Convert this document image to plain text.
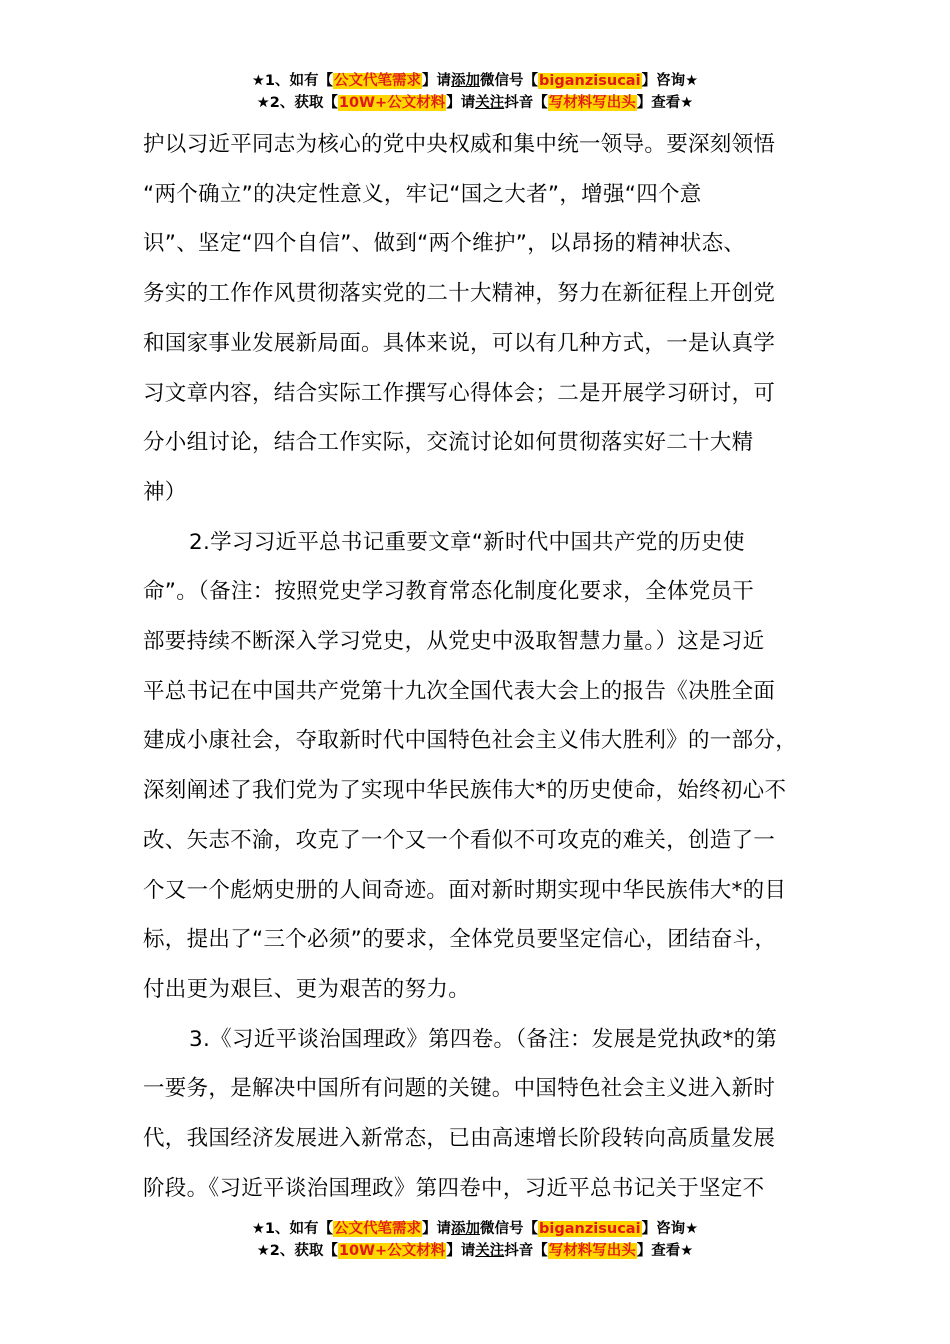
★1、如有【公文代笔需求】请添加微信号【biganzisucai】咨询★
★2、获取【10W+公文材料】请关注抖音【写材料写出头】查看★
护以习近平同志为核心的党中央权威和集中统一领导。要深刻领悟
“两个确立”的决定性意义，牢记“国之大者”，增强“四个意
识”、坚定“四个自信”、做到“两个维护”，以昂扬的精神状态、
务实的工作作风贯彻落实党的二十大精神，努力在新征程上开创党
和国家事业发展新局面。具体来说，可以有几种方式，一是认真学
习文章内容，结合实际工作撰写心得体会；二是开展学习研讨，可
分小组讨论，结合工作实际，交流讨论如何贯彻落实好二十大精
神）
2.学习习近平总书记重要文章“新时代中国共产党的历史使
命”。（备注：按照党史学习教育常态化制度化要求，全体党员干
部要持续不断深入学习党史，从党史中汲取智慧力量。）这是习近
平总书记在中国共产党第十九次全国代表大会上的报告《决胜全面
建成小康社会，夺取新时代中国特色社会主义伟大胜利》的一部分，
深刻阐述了我们党为了实现中华民族伟大*的历史使命，始终初心不
改、矢志不渝，攻克了一个又一个看似不可攻克的难关，创造了一
个又一个彪炳史册的人间奇迹。面对新时期实现中华民族伟大*的目
标，提出了“三个必须”的要求，全体党员要坚定信心，团结奋斗，
付出更为艰巨、更为艰苦的努力。
3.《习近平谈治国理政》第四卷。（备注：发展是党执政*的第
一要务，是解决中国所有问题的关键。中国特色社会主义进入新时
代，我国经济发展进入新常态，已由高速增长阶段转向高质量发展
阶段。《习近平谈治国理政》第四卷中，习近平总书记关于坚定不
★1、如有【公文代笔需求】请添加微信号【biganzisucai】咨询★
★2、获取【10W+公文材料】请关注抖音【写材料写出头】查看★
